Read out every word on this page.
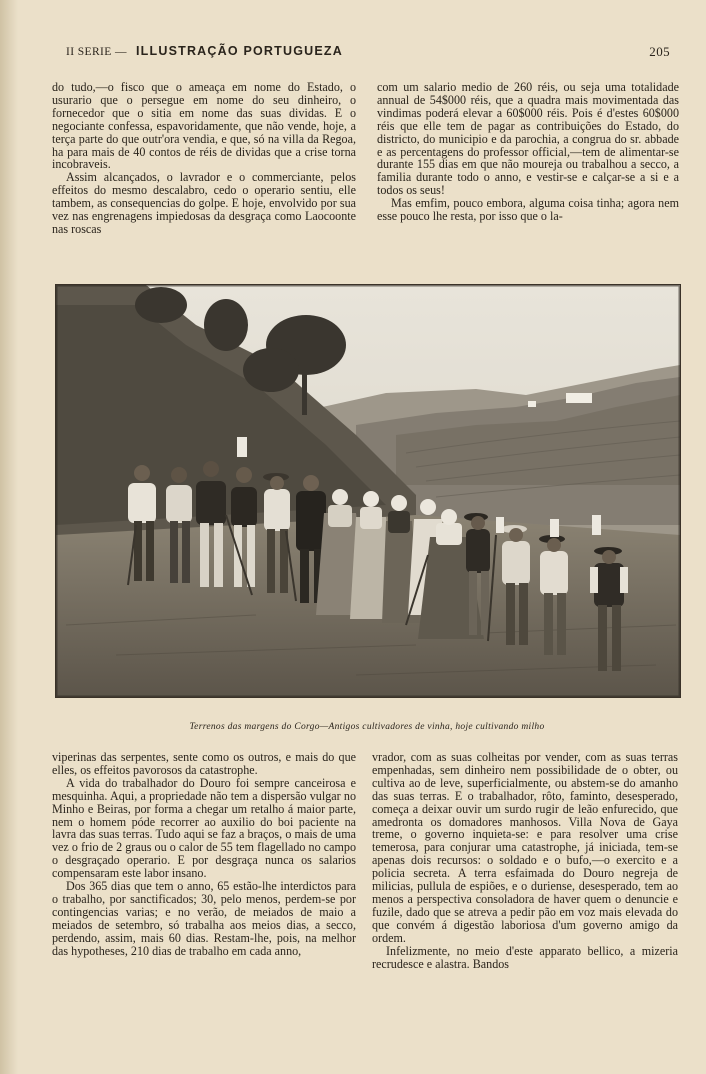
II SERIE — ILLUSTRAÇÃO PORTUGUEZA	205

do tudo,—o fisco que o ameaça em nome do Estado, o usurario que o persegue em nome do seu dinheiro, o fornecedor que o sitia em nome das suas dividas. E o negociante confessa, espavoridamente, que não vende, hoje, a terça parte do que outr'ora vendia, e que, só na villa da Regoa, ha para mais de 40 contos de réis de dividas que a crise torna incobraveis.

Assim alcançados, o lavrador e o commerciante, pelos effeitos do mesmo descalabro, cedo o operario sentiu, elle tambem, as consequencias do golpe. E hoje, envolvido por sua vez nas engrenagens impiedosas da desgraça como Laocoonte nas roscas

com um salario medio de 260 réis, ou seja uma totalidade annual de 54$000 réis, que a quadra mais movimentada das vindimas poderá elevar a 60$000 réis. Pois é d'estes 60$000 réis que elle tem de pagar as contribuições do Estado, do districto, do municipio e da parochia, a congrua do sr. abbade e as percentagens do professor official,—tem de alimentar-se durante 155 dias em que não moureja ou trabalhou a secco, a familia durante todo o anno, e vestir-se e calçar-se a si e a todos os seus!

Mas emfim, pouco embora, alguma coisa tinha; agora nem esse pouco lhe resta, por isso que o la-

Terrenos das margens do Corgo—Antigos cultivadores de vinha, hoje cultivando milho

viperinas das serpentes, sente como os outros, e mais do que elles, os effeitos pavorosos da catastrophe.

A vida do trabalhador do Douro foi sempre canceirosa e mesquinha. Aqui, a propriedade não tem a dispersão vulgar no Minho e Beiras, por forma a chegar um retalho á maior parte, nem o homem póde recorrer ao auxilio do boi paciente na lavra das suas terras. Tudo aqui se faz a braços, o mais de uma vez o frio de 2 graus ou o calor de 55 tem flagellado no campo o desgraçado operario. E por desgraça nunca os salarios compensaram este labor insano.

Dos 365 dias que tem o anno, 65 estão-lhe interdictos para o trabalho, por sanctificados; 30, pelo menos, perdem-se por contingencias varias; e no verão, de meiados de maio a meiados de setembro, só trabalha aos meios dias, a secco, perdendo, assim, mais 60 dias. Restam-lhe, pois, na melhor das hypotheses, 210 dias de trabalho em cada anno,

vrador, com as suas colheitas por vender, com as suas terras empenhadas, sem dinheiro nem possibilidade de o obter, ou cultiva ao de leve, superficialmente, ou abstem-se do amanho das suas terras. E o trabalhador, rôto, faminto, desesperado, começa a deixar ouvir um surdo rugir de leão enfurecido, que amedronta os domadores manhosos. Villa Nova de Gaya treme, o governo inquieta-se: e para resolver uma crise temerosa, para conjurar uma catastrophe, já iniciada, tem-se apenas dois recursos: o soldado e o bufo,—o exercito e a policia secreta. A terra esfaimada do Douro negreja de milicias, pullula de espiões, e o duriense, desesperado, tem ao menos a perspectiva consoladora de haver quem o denuncie e fuzile, dado que se atreva a pedir pão em voz mais elevada do que convém á digestão laboriosa d'um governo amigo da ordem.

Infelizmente, no meio d'este apparato bellico, a mizeria recrudesce e alastra. Bandos
